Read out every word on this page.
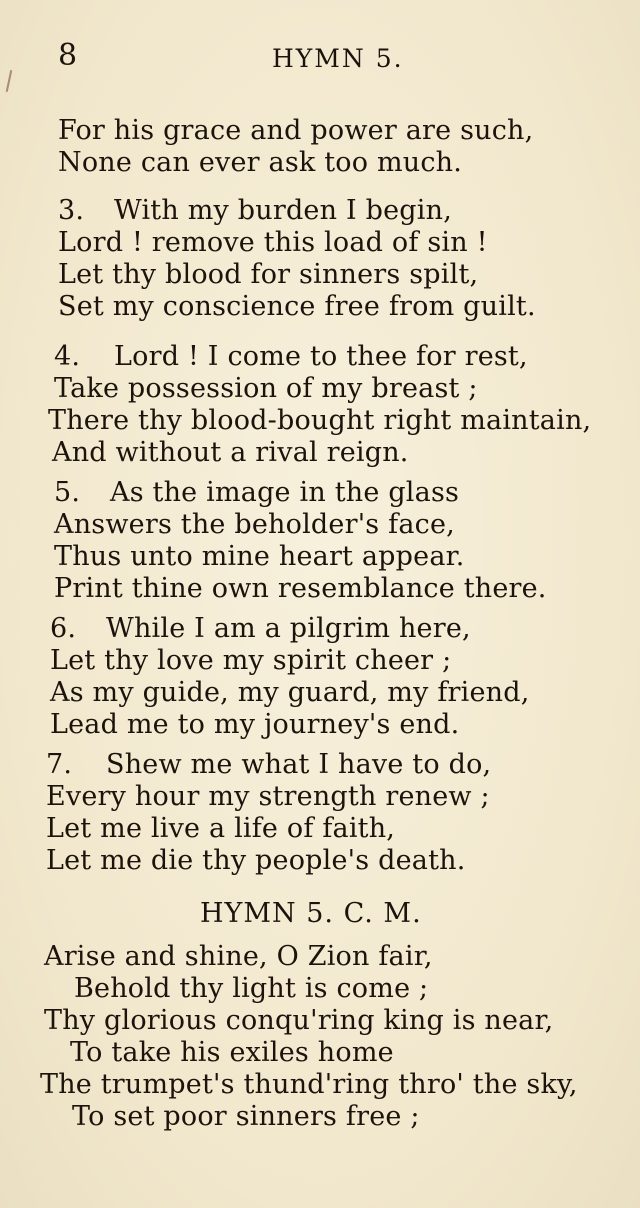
8	HYMN 5.
For his grace and power are such,
None can ever ask too much.
3. With my burden I begin,
Lord ! remove this load of sin !
Let thy blood for sinners spilt,
Set my conscience free from guilt.
4. Lord ! I come to thee for rest,
Take possession of my breast ;
There thy blood-bought right maintain,
And without a rival reign.
5. As the image in the glass
Answers the beholder's face,
Thus unto mine heart appear.
Print thine own resemblance there.
6. While I am a pilgrim here,
Let thy love my spirit cheer ;
As my guide, my guard, my friend,
Lead me to my journey's end.
7. Shew me what I have to do,
Every hour my strength renew ;
Let me live a life of faith,
Let me die thy people's death.
HYMN 5. C. M.
Arise and shine, O Zion fair,
Behold thy light is come ;
Thy glorious conqu'ring king is near,
To take his exiles home
The trumpet's thund'ring thro' the sky,
To set poor sinners free ;
